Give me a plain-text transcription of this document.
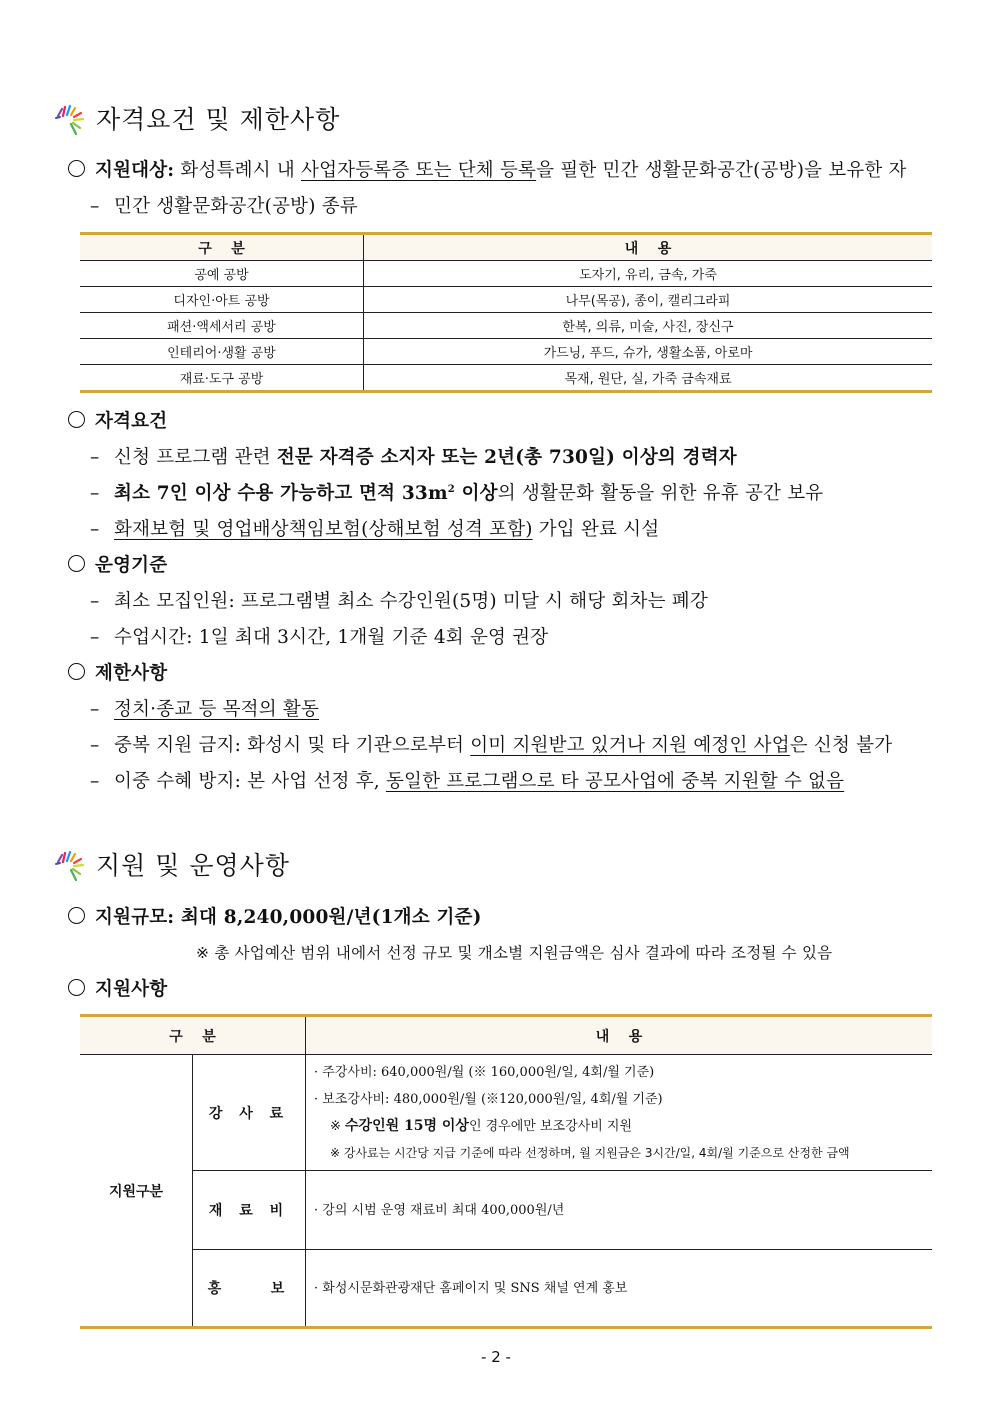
자격요건 및 제한사항
지원대상: 화성특례시 내 사업자등록증 또는 단체 등록을 필한 민간 생활문화공간(공방)을 보유한 자
– 민간 생활문화공간(공방) 종류
구    분	내    용
공예 공방	도자기, 유리, 금속, 가죽
디자인·아트 공방	나무(목공), 종이, 캘리그라피
패션·액세서리 공방	한복, 의류, 미술, 사진, 장신구
인테리어·생활 공방	가드닝, 푸드, 슈가, 생활소품, 아로마
재료·도구 공방	목재, 원단, 실, 가죽 금속재료
자격요건
– 신청 프로그램 관련 전문 자격증 소지자 또는 2년(총 730일) 이상의 경력자
– 최소 7인 이상 수용 가능하고 면적 $33m^2$ 이상의 생활문화 활동을 위한 유휴 공간 보유
– 화재보험 및 영업배상책임보험(상해보험 성격 포함) 가입 완료 시설
운영기준
– 최소 모집인원: 프로그램별 최소 수강인원(5명) 미달 시 해당 회차는 폐강
– 수업시간: 1일 최대 3시간, 1개월 기준 4회 운영 권장
제한사항
– 정치·종교 등 목적의 활동
– 중복 지원 금지: 화성시 및 타 기관으로부터 이미 지원받고 있거나 지원 예정인 사업은 신청 불가
– 이중 수혜 방지: 본 사업 선정 후, 동일한 프로그램으로 타 공모사업에 중복 지원할 수 없음
지원 및 운영사항
지원규모: 최대 8,240,000원/년(1개소 기준)
※ 총 사업예산 범위 내에서 선정 규모 및 개소별 지원금액은 심사 결과에 따라 조정될 수 있음
지원사항
구    분		내    용
지원구분	강 사 료	· 주강사비: 640,000원/월 (※ 160,000원/일, 4회/월 기준)
· 보조강사비: 480,000원/월 (※120,000원/일, 4회/월 기준)
※ 수강인원 15명 이상인 경우에만 보조강사비 지원
※ 강사료는 시간당 지급 기준에 따라 선정하며, 월 지원금은 3시간/일, 4회/월 기준으로 산정한 금액

	재 료 비	· 강의 시범 운영 재료비 최대 400,000원/년

	홍    보	· 화성시문화관광재단 홈페이지 및 SNS 채널 연계 홍보
- 2 -
